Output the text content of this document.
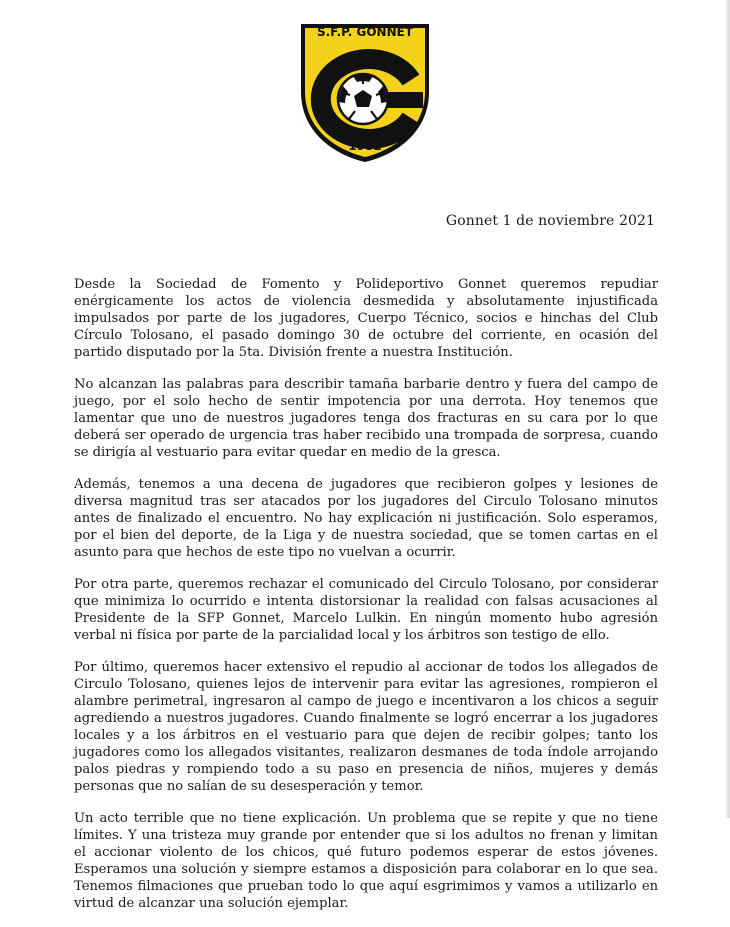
S.F.P. GONNET
1982
Gonnet 1 de noviembre 2021

Desde la Sociedad de Fomento y Polideportivo Gonnet queremos repudiar enérgicamente los actos de violencia desmedida y absolutamente injustificada impulsados por parte de los jugadores, Cuerpo Técnico, socios e hinchas del Club Círculo Tolosano, el pasado domingo 30 de octubre del corriente, en ocasión del partido disputado por la 5ta. División frente a nuestra Institución.

No alcanzan las palabras para describir tamaña barbarie dentro y fuera del campo de juego, por el solo hecho de sentir impotencia por una derrota. Hoy tenemos que lamentar que uno de nuestros jugadores tenga dos fracturas en su cara por lo que deberá ser operado de urgencia tras haber recibido una trompada de sorpresa, cuando se dirigía al vestuario para evitar quedar en medio de la gresca.

Además, tenemos a una decena de jugadores que recibieron golpes y lesiones de diversa magnitud tras ser atacados por los jugadores del Circulo Tolosano minutos antes de finalizado el encuentro. No hay explicación ni justificación. Solo esperamos, por el bien del deporte, de la Liga y de nuestra sociedad, que se tomen cartas en el asunto para que hechos de este tipo no vuelvan a ocurrir.

Por otra parte, queremos rechazar el comunicado del Circulo Tolosano, por considerar que minimiza lo ocurrido e intenta distorsionar la realidad con falsas acusaciones al Presidente de la SFP Gonnet, Marcelo Lulkin. En ningún momento hubo agresión verbal ni física por parte de la parcialidad local y los árbitros son testigo de ello.

Por último, queremos hacer extensivo el repudio al accionar de todos los allegados de Circulo Tolosano, quienes lejos de intervenir para evitar las agresiones, rompieron el alambre perimetral, ingresaron al campo de juego e incentivaron a los chicos a seguir agrediendo a nuestros jugadores. Cuando finalmente se logró encerrar a los jugadores locales y a los árbitros en el vestuario para que dejen de recibir golpes; tanto los jugadores como los allegados visitantes, realizaron desmanes de toda índole arrojando palos piedras y rompiendo todo a su paso en presencia de niños, mujeres y demás personas que no salían de su desesperación y temor.

Un acto terrible que no tiene explicación. Un problema que se repite y que no tiene límites. Y una tristeza muy grande por entender que si los adultos no frenan y limitan el accionar violento de los chicos, qué futuro podemos esperar de estos jóvenes. Esperamos una solución y siempre estamos a disposición para colaborar en lo que sea. Tenemos filmaciones que prueban todo lo que aquí esgrimimos y vamos a utilizarlo en virtud de alcanzar una solución ejemplar.
